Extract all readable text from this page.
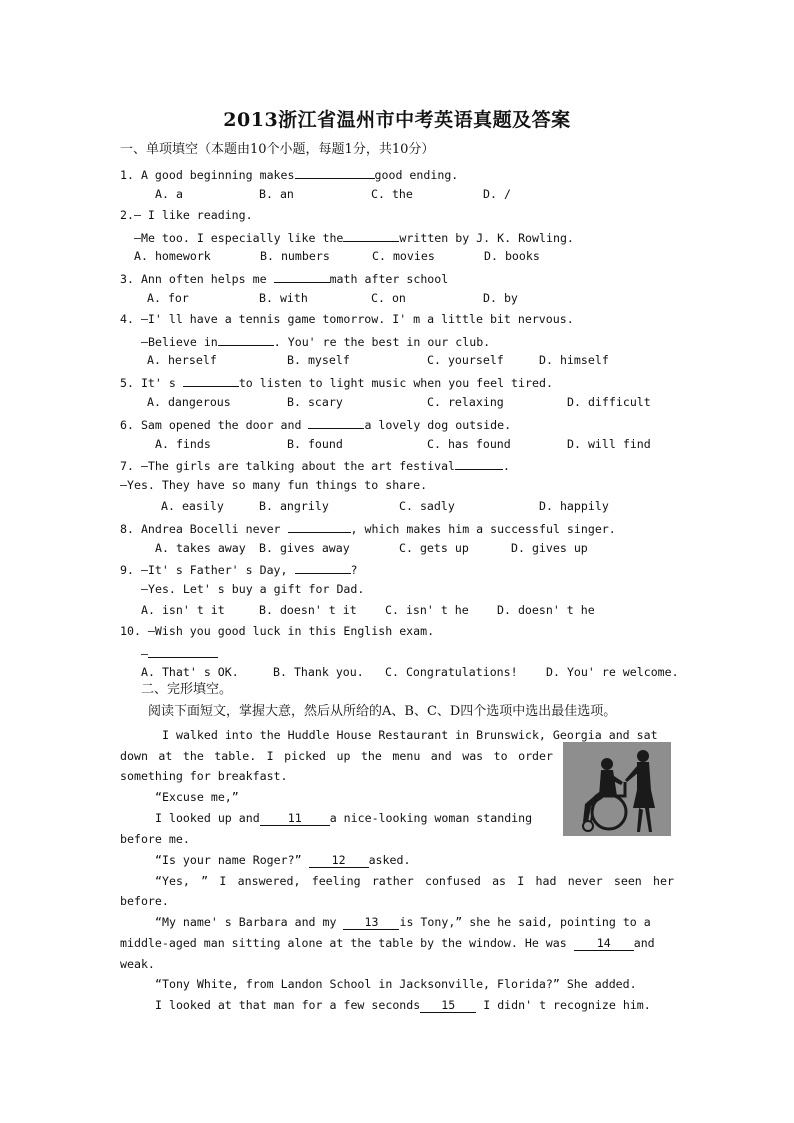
2013浙江省温州市中考英语真题及答案
一、单项填空（本题由10个小题，每题1分，共10分）
1. A good beginning makes	good ending.
A. a	B. an	C. the	D. /
2.— I like reading.
—Me too. I especially like the	written by J. K. Rowling.
A. homework	B. numbers	C. movies	D. books
3. Ann often helps me	math after school
A. for	B. with	C. on	D. by
4. —I' ll have a tennis game tomorrow. I' m a little bit nervous.
—Believe in	. You' re the best in our club.
A. herself	B. myself	C. yourself	D. himself
5. It' s	to listen to light music when you feel tired.
A. dangerous	B. scary	C. relaxing	D. difficult
6. Sam opened the door and	a lovely dog outside.
A. finds	B. found	C. has found	D. will find
7. —The girls are talking about the art festival	.
—Yes. They have so many fun things to share.
A. easily	B. angrily	C. sadly	D. happily
8. Andrea Bocelli never	, which makes him a successful singer.
A. takes away B. gives away	C. gets up	D. gives up
9. —It' s Father' s Day,	?
—Yes. Let' s buy a gift for Dad.
A. isn' t it	B. doesn' t it C. isn' t he D. doesn' t he
10. —Wish you good luck in this English exam.
—
A. That' s OK.	B. Thank you. C. Congratulations! D. You' re welcome.
二、完形填空。
阅读下面短文，掌握大意，然后从所给的A、B、C、D四个选项中选出最佳选项。
I walked into the Huddle House Restaurant in Brunswick, Georgia and sat
down at the table. I picked up the menu and was to order
something for breakfast.
“Excuse me,”
I looked up and 11 a nice-looking woman standing
before me.
“Is your name Roger?”	12 asked.
“Yes, ” I answered, feeling rather confused as I had never seen her
before.
“My name' s Barbara and my 13 is Tony,” she he said, pointing to a
middle-aged man sitting alone at the table by the window. He was	14 and
weak.
“Tony White, from Landon School in Jacksonville, Florida?” She added.
I looked at that man for a few seconds 15 I didn' t recognize him.
